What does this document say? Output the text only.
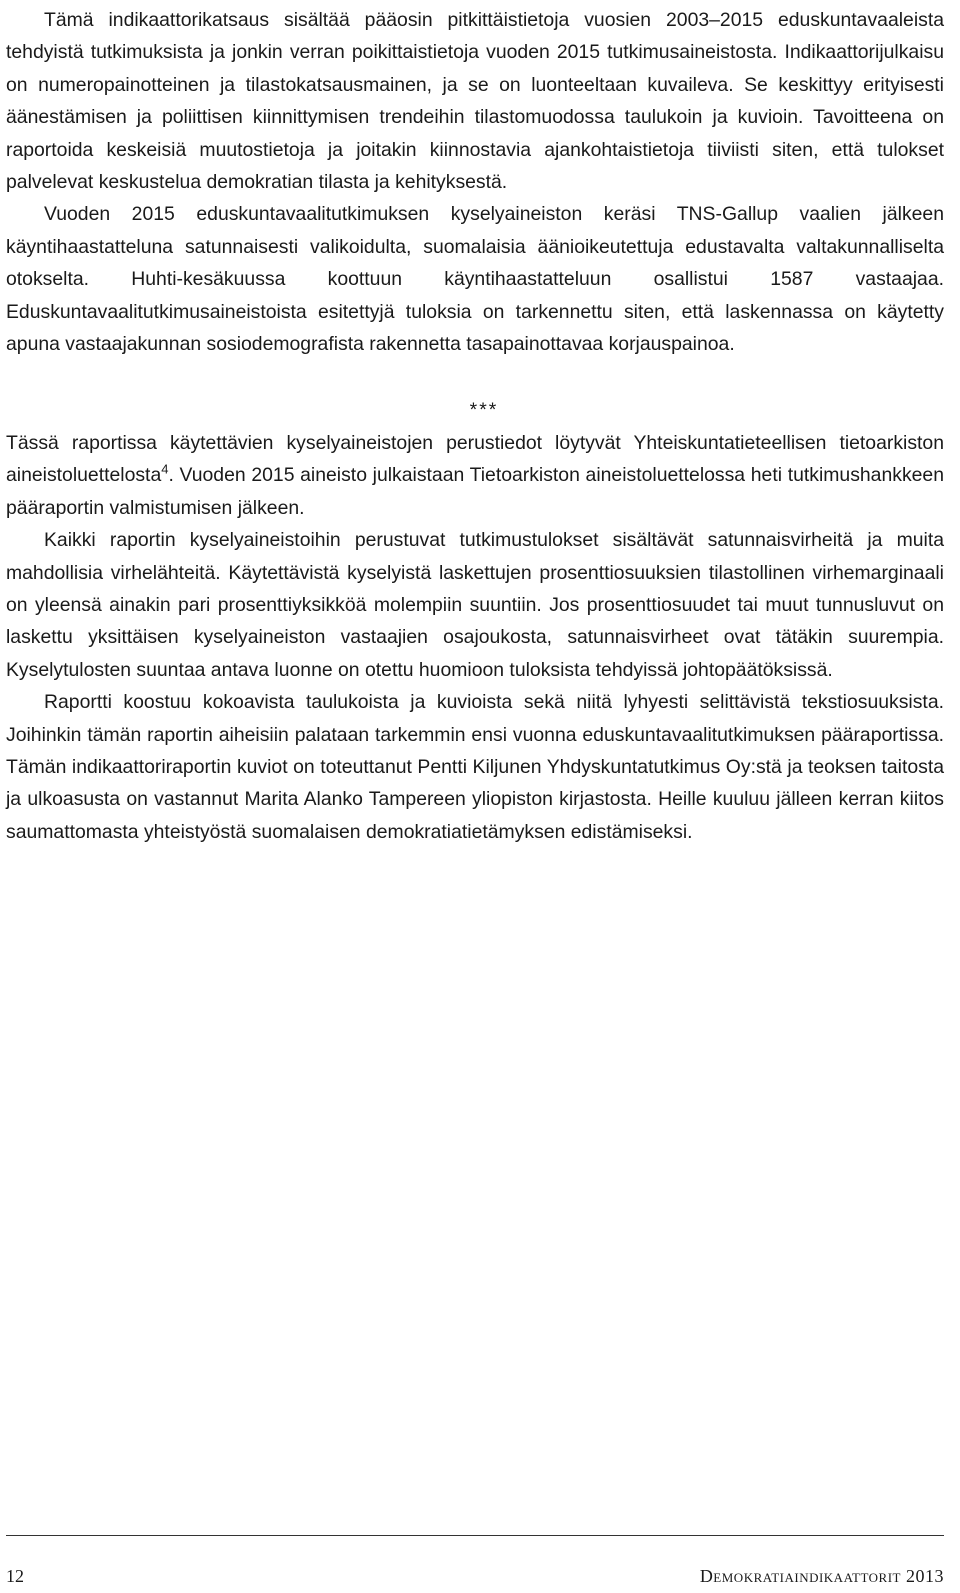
Tämä indikaattorikatsaus sisältää pääosin pitkittäistietoja vuosien 2003–2015 eduskuntavaaleista tehdyistä tutkimuksista ja jonkin verran poikittaistietoja vuoden 2015 tutkimusaineistosta. Indikaattorijulkaisu on numeropainotteinen ja tilastokatsausmainen, ja se on luonteeltaan kuvaileva. Se keskittyy erityisesti äänestämisen ja poliittisen kiinnittymisen trendeihin tilastomuodossa taulukoin ja kuvioin. Tavoitteena on raportoida keskeisiä muutostietoja ja joitakin kiinnostavia ajankohtaistietoja tiiviisti siten, että tulokset palvelevat keskustelua demokratian tilasta ja kehityksestä.

Vuoden 2015 eduskuntavaalitutkimuksen kyselyaineiston keräsi TNS-Gallup vaalien jälkeen käyntihaastatteluna satunnaisesti valikoidulta, suomalaisia äänioikeutettuja edustavalta valtakunnalliselta otokselta. Huhti-kesäkuussa koottuun käyntihaastatteluun osallistui 1587 vastaajaa. Eduskuntavaalitutkimusaineistoista esitettyjä tuloksia on tarkennettu siten, että laskennassa on käytetty apuna vastaajakunnan sosiodemografista rakennetta tasapainottavaa korjauspainoa.

***

Tässä raportissa käytettävien kyselyaineistojen perustiedot löytyvät Yhteiskuntatieteellisen tietoarkiston aineistoluettelosta$^4$. Vuoden 2015 aineisto julkaistaan Tietoarkiston aineistoluettelossa heti tutkimushankkeen pääraportin valmistumisen jälkeen.

Kaikki raportin kyselyaineistoihin perustuvat tutkimustulokset sisältävät satunnaisvirheitä ja muita mahdollisia virhelähteitä. Käytettävistä kyselyistä laskettujen prosenttiosuuksien tilastollinen virhemarginaali on yleensä ainakin pari prosenttiyksikköä molempiin suuntiin. Jos prosenttiosuudet tai muut tunnusluvut on laskettu yksittäisen kyselyaineiston vastaajien osajoukosta, satunnaisvirheet ovat tätäkin suurempia. Kyselytulosten suuntaa antava luonne on otettu huomioon tuloksista tehdyissä johtopäätöksissä.

Raportti koostuu kokoavista taulukoista ja kuvioista sekä niitä lyhyesti selittävistä tekstiosuuksista. Joihinkin tämän raportin aiheisiin palataan tarkemmin ensi vuonna eduskuntavaalitutkimuksen pääraportissa. Tämän indikaattoriraportin kuviot on toteuttanut Pentti Kiljunen Yhdyskuntatutkimus Oy:stä ja teoksen taitosta ja ulkoasusta on vastannut Marita Alanko Tampereen yliopiston kirjastosta. Heille kuuluu jälleen kerran kiitos saumattomasta yhteistyöstä suomalaisen demokratiatietämyksen edistämiseksi.

12	Demokratiaindikaattorit 2013
